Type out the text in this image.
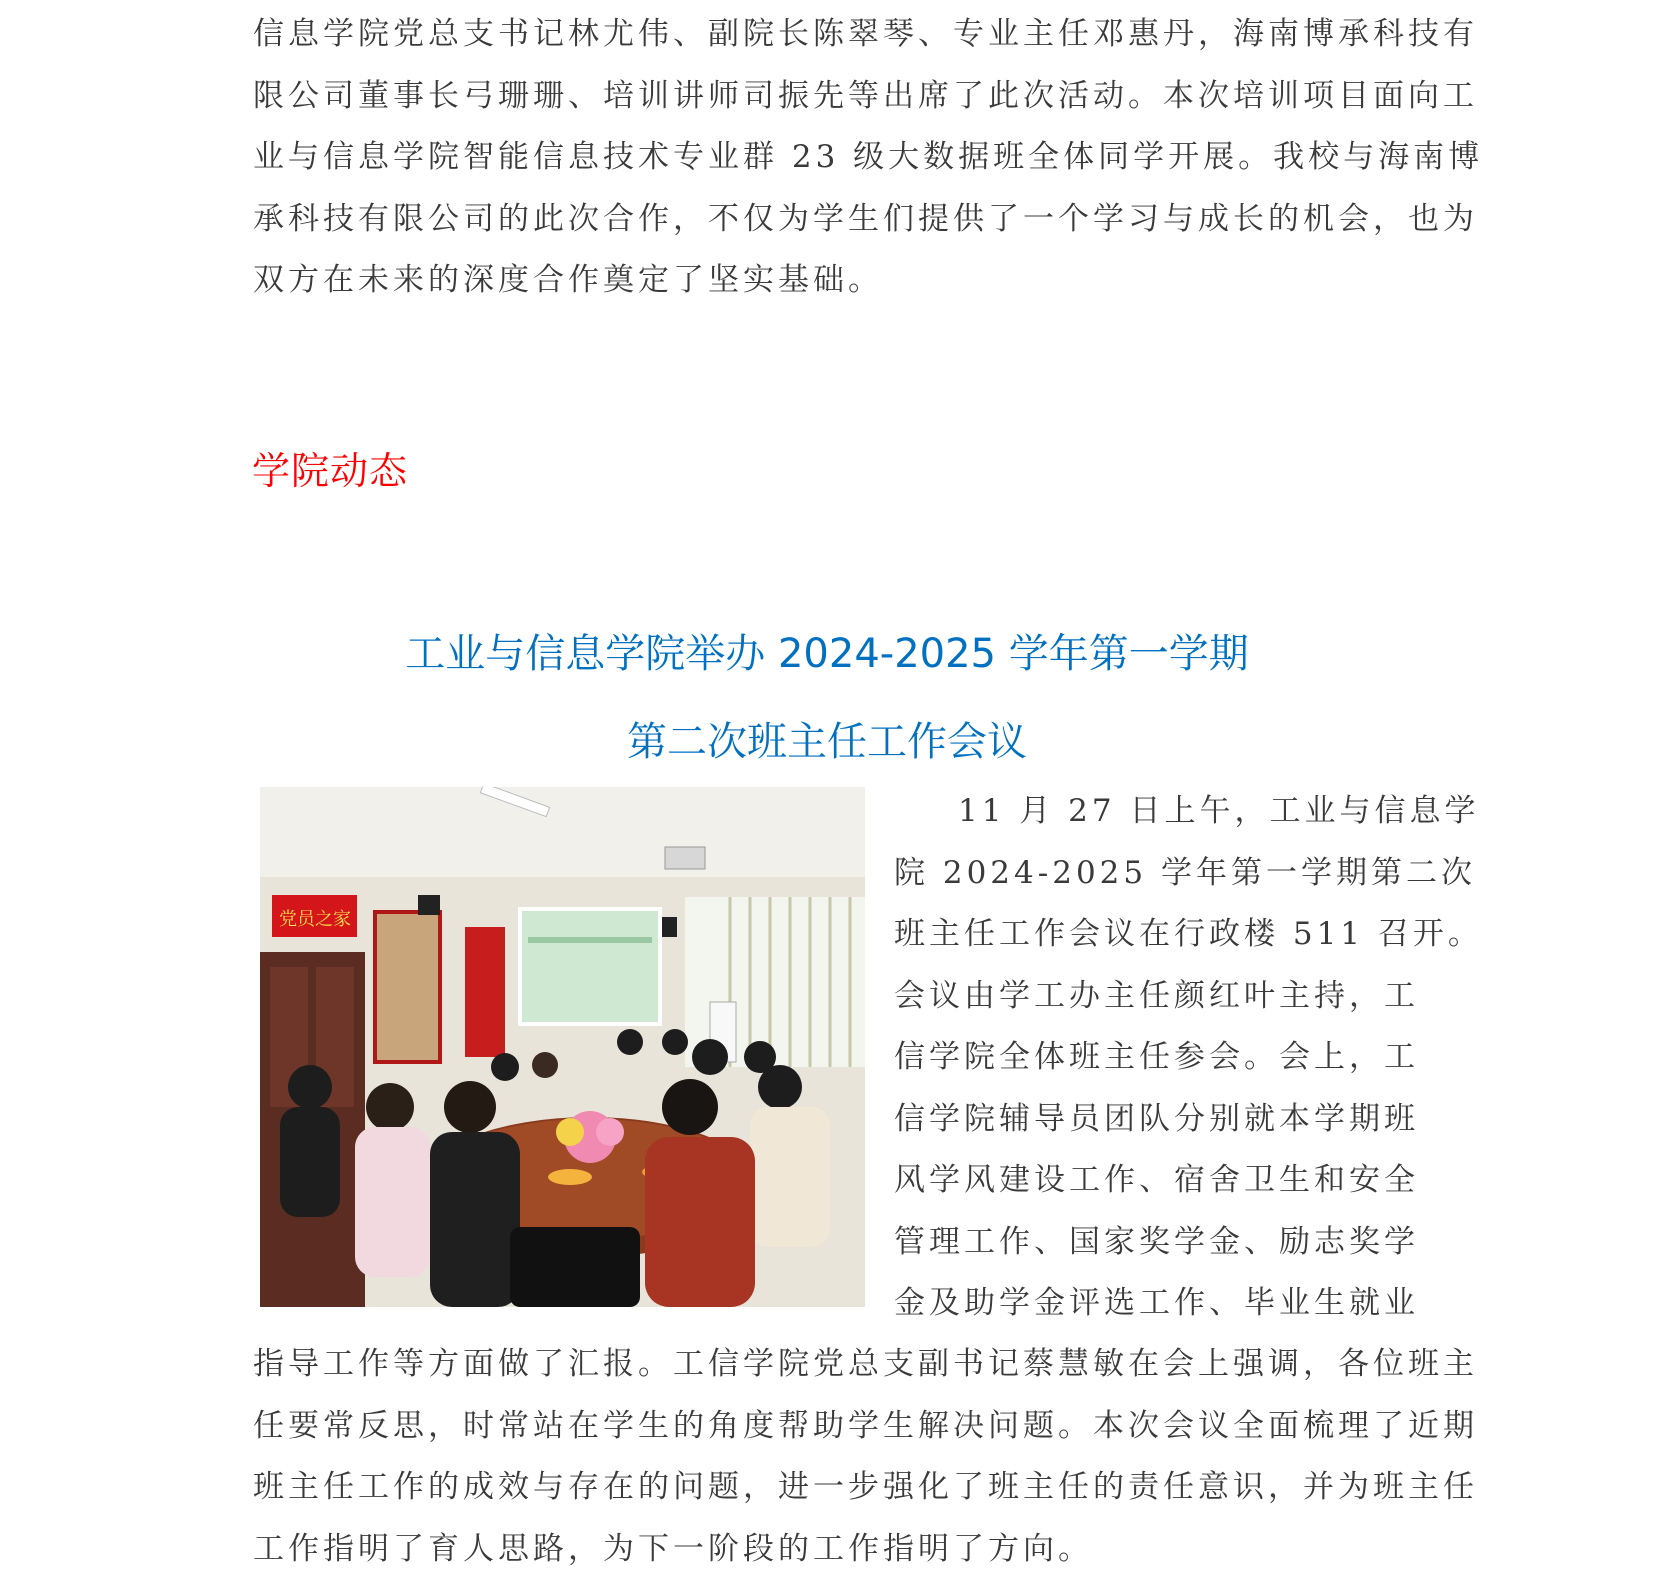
信息学院党总支书记林尤伟、副院长陈翠琴、专业主任邓惠丹，海南博承科技有
限公司董事长弓珊珊、培训讲师司振先等出席了此次活动。本次培训项目面向工
业与信息学院智能信息技术专业群 23 级大数据班全体同学开展。我校与海南博
承科技有限公司的此次合作，不仅为学生们提供了一个学习与成长的机会，也为
双方在未来的深度合作奠定了坚实基础。
学院动态
工业与信息学院举办 2024-2025 学年第一学期
第二次班主任工作会议
党员之家
11 月 27 日上午，工业与信息学
院 2024-2025 学年第一学期第二次
班主任工作会议在行政楼 511 召开。
会议由学工办主任颜红叶主持，工
信学院全体班主任参会。会上，工
信学院辅导员团队分别就本学期班
风学风建设工作、宿舍卫生和安全
管理工作、国家奖学金、励志奖学
金及助学金评选工作、毕业生就业
指导工作等方面做了汇报。工信学院党总支副书记蔡慧敏在会上强调，各位班主
任要常反思，时常站在学生的角度帮助学生解决问题。本次会议全面梳理了近期
班主任工作的成效与存在的问题，进一步强化了班主任的责任意识，并为班主任
工作指明了育人思路，为下一阶段的工作指明了方向。
